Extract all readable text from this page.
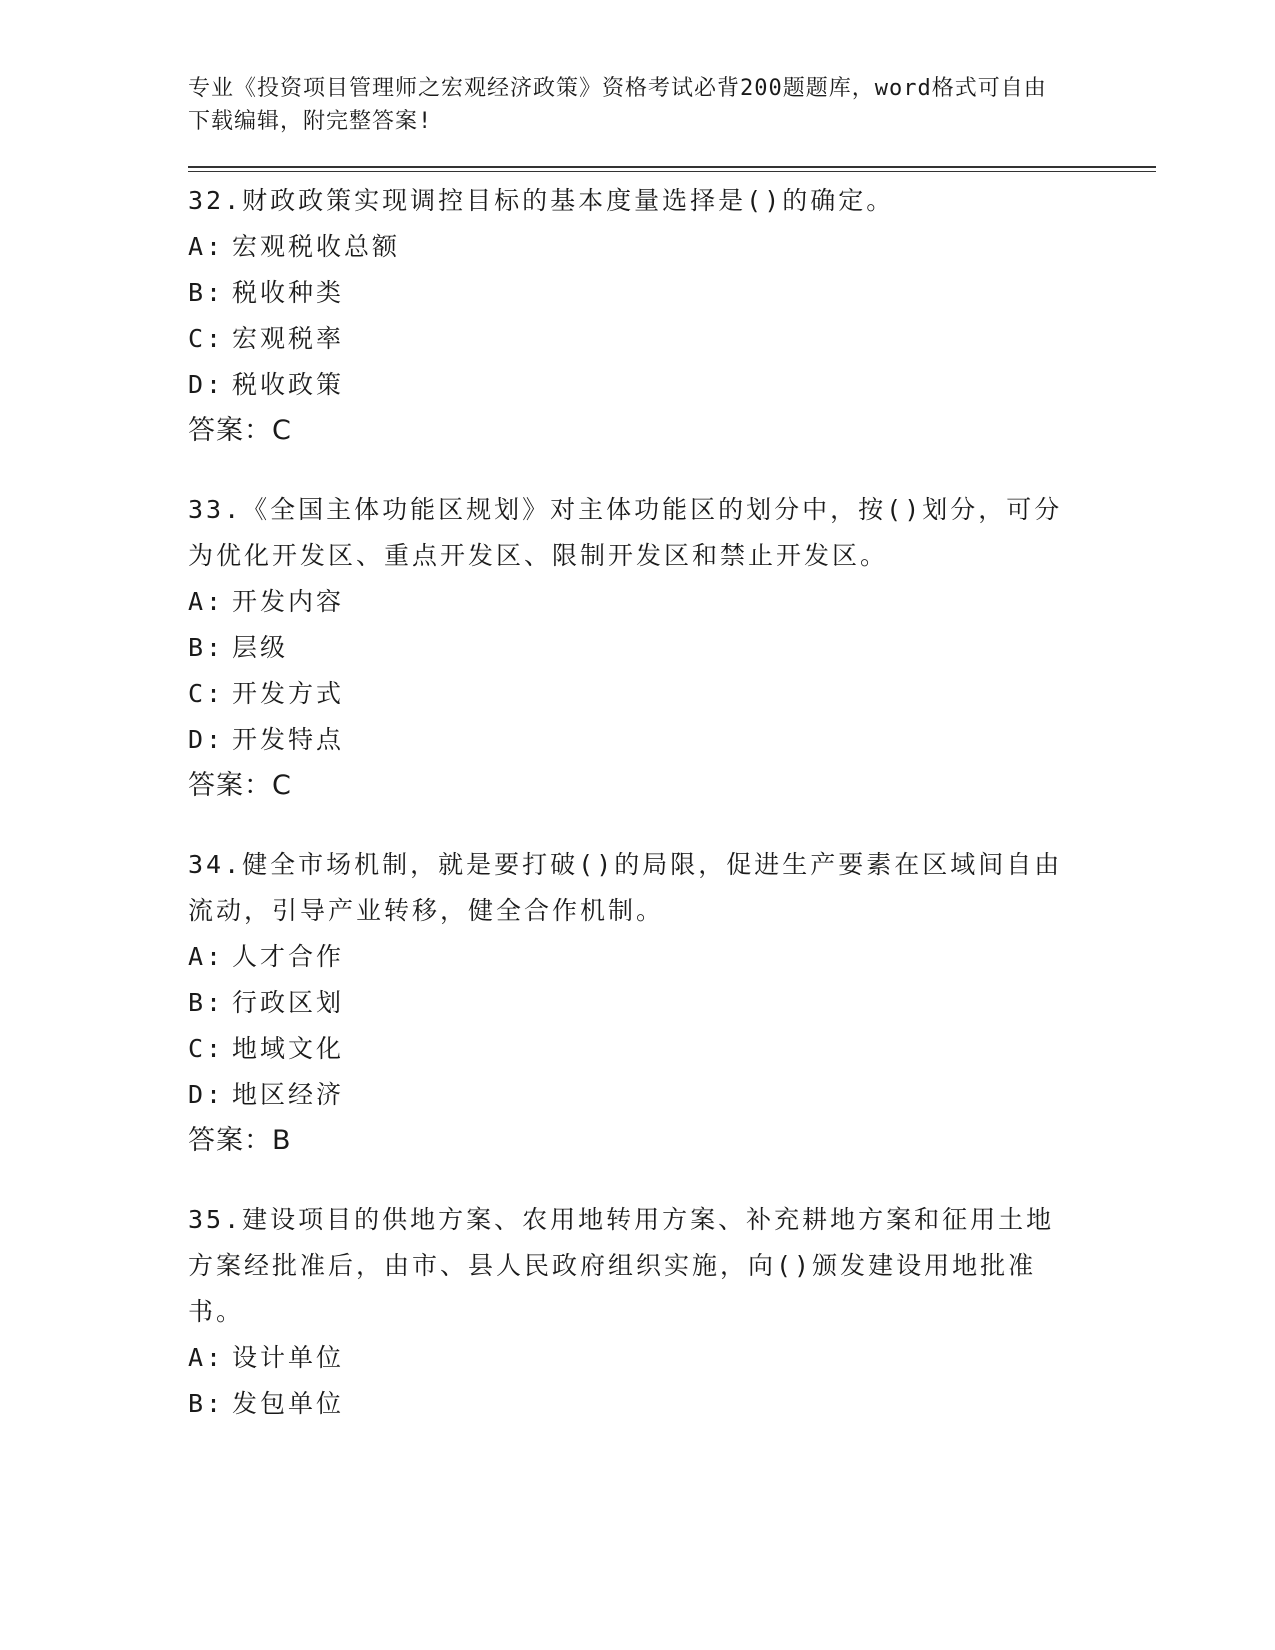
专业《投资项目管理师之宏观经济政策》资格考试必背200题题库，word格式可自由下载编辑，附完整答案!
32.财政政策实现调控目标的基本度量选择是()的确定。
A: 宏观税收总额
B: 税收种类
C: 宏观税率
D: 税收政策
答案：C
33.《全国主体功能区规划》对主体功能区的划分中，按()划分，可分为优化开发区、重点开发区、限制开发区和禁止开发区。
A: 开发内容
B: 层级
C: 开发方式
D: 开发特点
答案：C
34.健全市场机制，就是要打破()的局限，促进生产要素在区域间自由流动，引导产业转移，健全合作机制。
A: 人才合作
B: 行政区划
C: 地域文化
D: 地区经济
答案：B
35.建设项目的供地方案、农用地转用方案、补充耕地方案和征用土地方案经批准后，由市、县人民政府组织实施，向()颁发建设用地批准书。
A: 设计单位
B: 发包单位
